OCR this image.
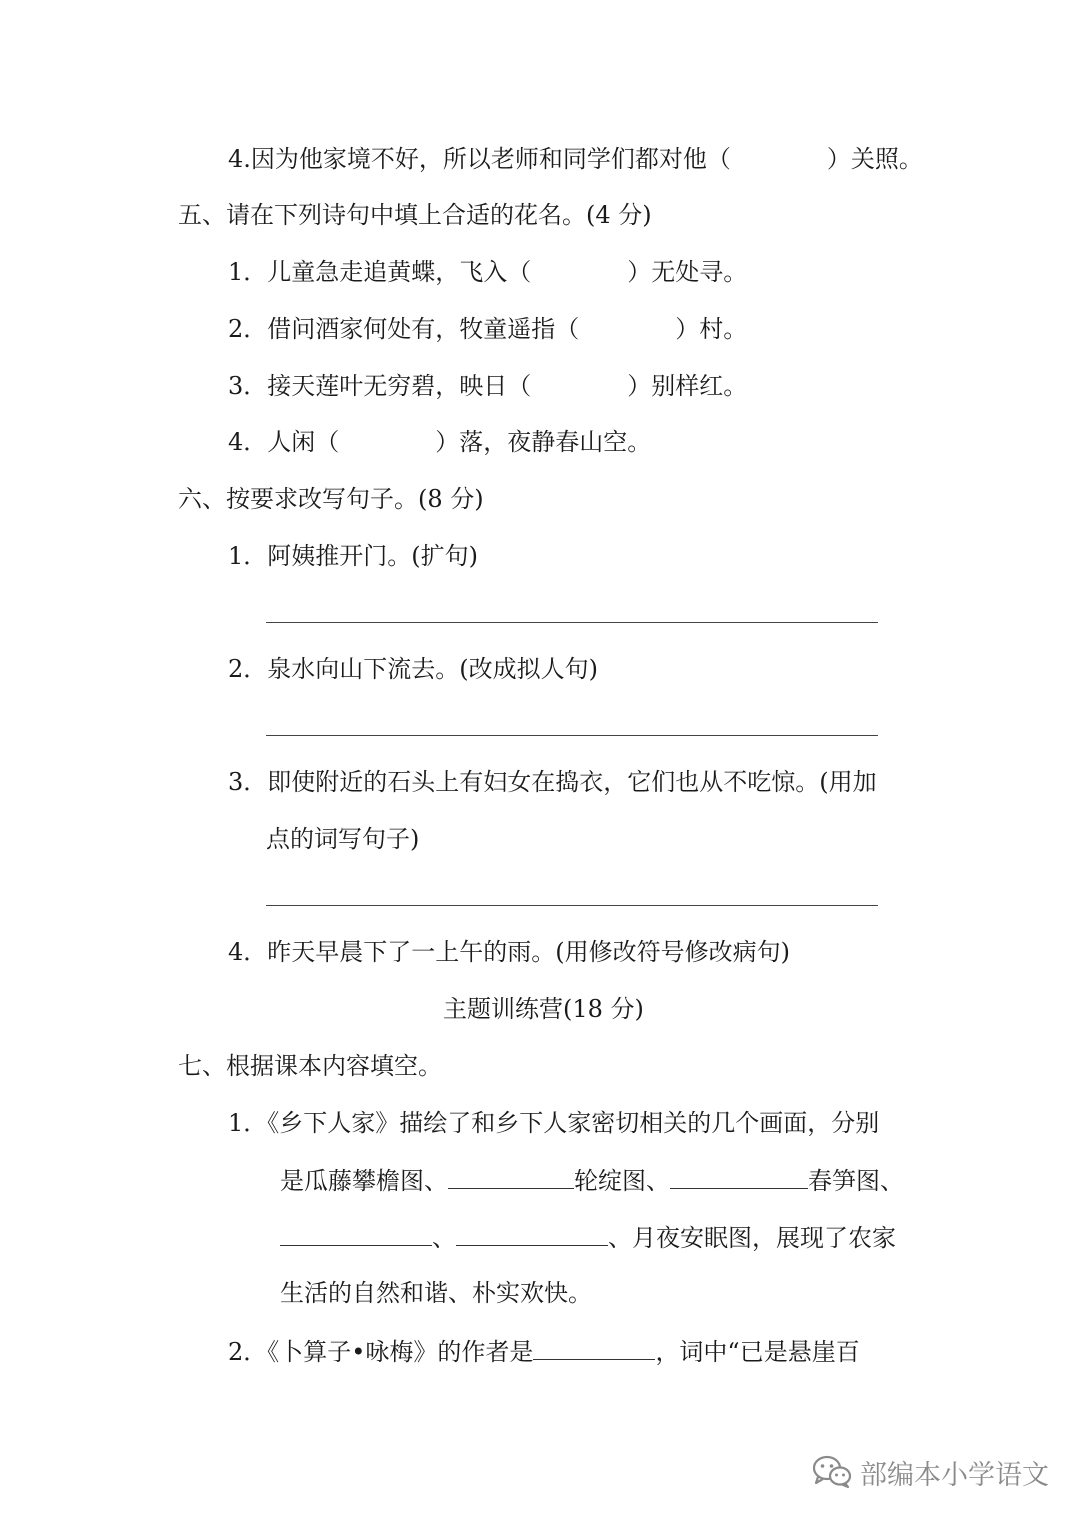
4.因为他家境不好，所以老师和同学们都对他（	）关照。
五、请在下列诗句中填上合适的花名。(4 分)
1．儿童急走追黄蝶，飞入（	）无处寻。
2．借问酒家何处有，牧童遥指（	）村。
3．接天莲叶无穷碧，映日（	）别样红。
4．人闲（	）落，夜静春山空。
六、按要求改写句子。(8 分)
1．阿姨推开门。(扩句)
2．泉水向山下流去。(改成拟人句)
3．即使附近的石头上有妇女在捣衣，它们也从不吃惊。(用加
点的词写句子)
4．昨天早晨下了一上午的雨。(用修改符号修改病句)
主题训练营(18 分)
七、根据课本内容填空。
1．《乡下人家》描绘了和乡下人家密切相关的几个画面，分别
是瓜藤攀檐图、	轮绽图、	春笋图、
、	、月夜安眠图，展现了农家
生活的自然和谐、朴实欢快。
2．《卜算子•咏梅》的作者是	，词中“已是悬崖百
部编本小学语文
